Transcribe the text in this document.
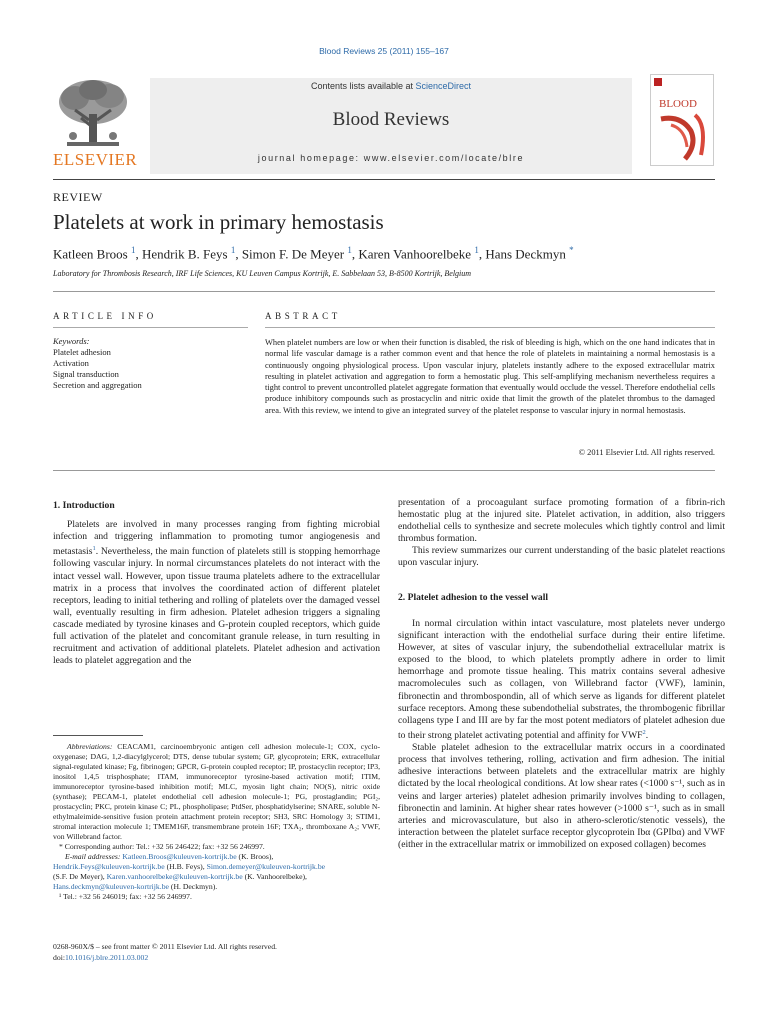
Blood Reviews 25 (2011) 155–167
ELSEVIER
Contents lists available at ScienceDirect
Blood Reviews
journal homepage: www.elsevier.com/locate/blre
BLOOD
REVIEW
Platelets at work in primary hemostasis
Katleen Broos $^1$, Hendrik B. Feys $^1$, Simon F. De Meyer $^1$, Karen Vanhoorelbeke $^1$, Hans Deckmyn *
Laboratory for Thrombosis Research, IRF Life Sciences, KU Leuven Campus Kortrijk, E. Sabbelaan 53, B-8500 Kortrijk, Belgium
ARTICLE INFO	ABSTRACT
Keywords:
Platelet adhesion
Activation
Signal transduction
Secretion and aggregation
When platelet numbers are low or when their function is disabled, the risk of bleeding is high, which on the one hand indicates that in normal life vascular damage is a rather common event and that hence the role of platelets in maintaining a normal hemostasis is a continuously ongoing physiological process. Upon vascular injury, platelets instantly adhere to the exposed extracellular matrix resulting in platelet activation and aggregation to form a hemostatic plug. This self-amplifying mechanism nevertheless requires a tight control to prevent uncontrolled platelet aggregate formation that eventually would occlude the vessel. Therefore endothelial cells produce inhibitory compounds such as prostacyclin and nitric oxide that limit the growth of the platelet thrombus to the damaged area. With this review, we intend to give an integrated survey of the platelet response to vascular injury in normal hemostasis.
© 2011 Elsevier Ltd. All rights reserved.
1. Introduction

Platelets are involved in many processes ranging from fighting microbial infection and triggering inflammation to promoting tumor angiogenesis and metastasis$^1$. Nevertheless, the main function of platelets still is stopping hemorrhage following vascular injury. In normal circumstances platelets do not interact with the intact vessel wall. However, upon tissue trauma platelets adhere to the extracellular matrix in a process that involves the coordinated action of different platelet receptors, leading to initial tethering and rolling of platelets over the damaged vessel wall, eventually resulting in firm adhesion. Platelet adhesion triggers a signaling cascade mediated by tyrosine kinases and G-protein coupled receptors, which guide full activation of the platelet and concomitant granule release, in turn resulting in recruitment and activation of additional platelets. Platelet adhesion and activation leads to platelet aggregation and the

presentation of a procoagulant surface promoting formation of a fibrin-rich hemostatic plug at the injured site. Platelet activation, in addition, also triggers endothelial cells to synthesize and secrete molecules which tightly control and limit thrombus formation.

This review summarizes our current understanding of the basic platelet reactions upon vascular injury.

2. Platelet adhesion to the vessel wall

In normal circulation within intact vasculature, most platelets never undergo significant interaction with the endothelial surface during their entire lifetime. However, at sites of vascular injury, the subendothelial extracellular matrix is exposed to the blood, to which platelets promptly adhere in order to limit hemorrhage and promote tissue healing. This matrix contains several adhesive macromolecules such as collagen, von Willebrand factor (VWF), laminin, fibronectin and thrombospondin, all of which serve as ligands for different platelet surface receptors. Among these subendothelial substrates, the thrombogenic fibrillar collagens type I and III are by far the most potent mediators of platelet adhesion due to their strong platelet activating potential and affinity for VWF$^2$.

Stable platelet adhesion to the extracellular matrix occurs in a coordinated process that involves tethering, rolling, activation and firm adhesion. The initial adhesive interactions between platelets and the extracellular matrix are highly dictated by the local rheological conditions. At low shear rates (<1000 s⁻¹, such as in veins and larger arteries) platelet adhesion primarily involves binding to collagen, fibronectin and laminin. At higher shear rates however (>1000 s⁻¹, such as in small arteries and microvasculature, but also in athero-sclerotic/stenotic vessels), the interaction between the platelet surface receptor glycoprotein Ibα (GPIbα) and VWF (either in the extracellular matrix or immobilized on exposed collagen) becomes

Abbreviations: CEACAM1, carcinoembryonic antigen cell adhesion molecule-1; COX, cyclo-oxygenase; DAG, 1,2-diacylglycerol; DTS, dense tubular system; GP, glycoprotein; ERK, extracellular signal-regulated kinase; Fg, fibrinogen; GPCR, G-protein coupled receptor; IP, prostacyclin receptor; IP3, inositol 1,4,5 trisphosphate; ITAM, immunoreceptor tyrosine-based activation motif; ITIM, immunoreceptor tyrosine-based inhibition motif; MLC, myosin light chain; NO(S), nitric oxide (synthase); PECAM-1, platelet endothelial cell adhesion molecule-1; PG, prostaglandin; PGI₂, prostacyclin; PKC, protein kinase C; PL, phospholipase; PtdSer, phosphatidylserine; SNARE, soluble N-ethylmaleimide-sensitive fusion protein attachment protein receptor; SH3, SRC Homology 3; STIM1, stromal interaction molecule 1; TMEM16F, transmembrane protein 16F; TXA₂, thromboxane A₂; VWF, von Willebrand factor.

* Corresponding author: Tel.: +32 56 246422; fax: +32 56 246997.

E-mail addresses: Katleen.Broos@kuleuven-kortrijk.be (K. Broos),
Hendrik.Feys@kuleuven-kortrijk.be (H.B. Feys), Simon.demeyer@kuleuven-kortrijk.be
(S.F. De Meyer), Karen.vanhoorelbeke@kuleuven-kortrijk.be (K. Vanhoorelbeke),
Hans.deckmyn@kuleuven-kortrijk.be (H. Deckmyn).

¹ Tel.: +32 56 246019; fax: +32 56 246997.

0268-960X/$ – see front matter © 2011 Elsevier Ltd. All rights reserved.
doi:10.1016/j.blre.2011.03.002
